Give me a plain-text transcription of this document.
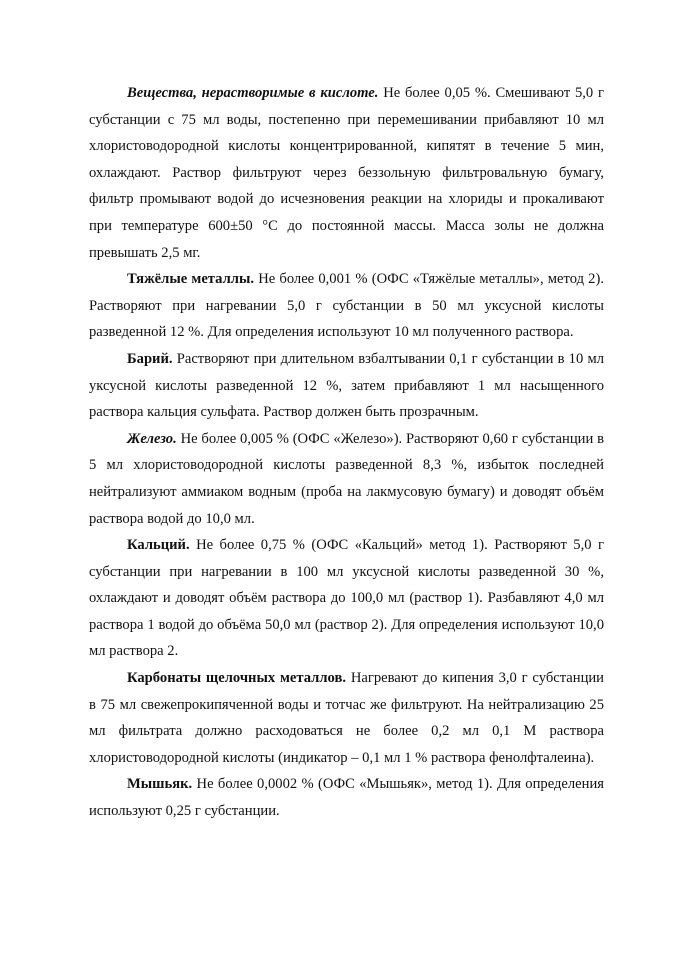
Вещества, нерастворимые в кислоте. Не более 0,05 %. Смешивают 5,0 г субстанции с 75 мл воды, постепенно при перемешивании прибавляют 10 мл хлористоводородной кислоты концентрированной, кипятят в течение 5 мин, охлаждают. Раствор фильтруют через беззольную фильтровальную бумагу, фильтр промывают водой до исчезновения реакции на хлориды и прокаливают при температуре 600±50 °С до постоянной массы. Масса золы не должна превышать 2,5 мг.

Тяжёлые металлы. Не более 0,001 % (ОФС «Тяжёлые металлы», метод 2). Растворяют при нагревании 5,0 г субстанции в 50 мл уксусной кислоты разведенной 12 %. Для определения используют 10 мл полученного раствора.

Барий. Растворяют при длительном взбалтывании 0,1 г субстанции в 10 мл уксусной кислоты разведенной 12 %, затем прибавляют 1 мл насыщенного раствора кальция сульфата. Раствор должен быть прозрачным.

Железо. Не более 0,005 % (ОФС «Железо»). Растворяют 0,60 г субстанции в 5 мл хлористоводородной кислоты разведенной 8,3 %, избыток последней нейтрализуют аммиаком водным (проба на лакмусовую бумагу) и доводят объём раствора водой до 10,0 мл.

Кальций. Не более 0,75 % (ОФС «Кальций» метод 1). Растворяют 5,0 г субстанции при нагревании в 100 мл уксусной кислоты разведенной 30 %, охлаждают и доводят объём раствора до 100,0 мл (раствор 1). Разбавляют 4,0 мл раствора 1 водой до объёма 50,0 мл (раствор 2). Для определения используют 10,0 мл раствора 2.

Карбонаты щелочных металлов. Нагревают до кипения 3,0 г субстанции в 75 мл свежепрокипяченной воды и тотчас же фильтруют. На нейтрализацию 25 мл фильтрата должно расходоваться не более 0,2 мл 0,1 М раствора хлористоводородной кислоты (индикатор – 0,1 мл 1 % раствора фенолфталеина).

Мышьяк. Не более 0,0002 % (ОФС «Мышьяк», метод 1). Для определения используют 0,25 г субстанции.
